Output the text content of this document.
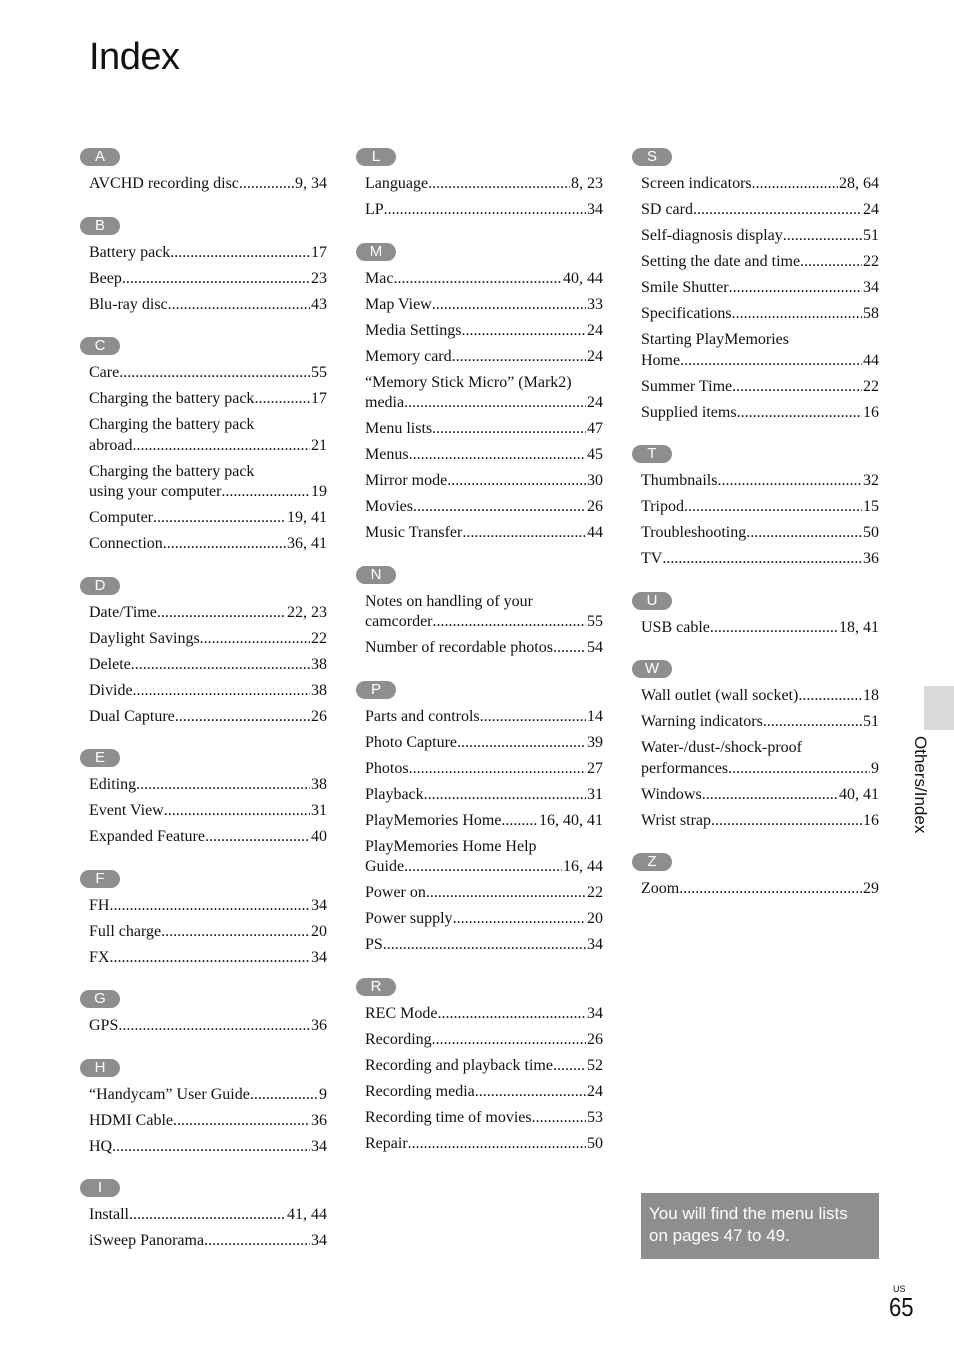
Index
A
AVCHD recording disc .....	9, 34
B
Battery pack .....	17
Beep .....	23
Blu-ray disc .....	43
C
Care .....	55
Charging the battery pack .....	17
Charging the battery pack
abroad .....	21
Charging the battery pack
using your computer .....	19
Computer .....	19, 41
Connection .....	36, 41
D
Date/Time .....	22, 23
Daylight Savings .....	22
Delete .....	38
Divide .....	38
Dual Capture .....	26
E
Editing .....	38
Event View .....	31
Expanded Feature .....	40
F
FH .....	34
Full charge .....	20
FX .....	34
G
GPS .....	36
H
“Handycam” User Guide .....	9
HDMI Cable .....	36
HQ .....	34
I
Install .....	41, 44
iSweep Panorama .....	34
L
Language .....	8, 23
LP .....	34
M
Mac .....	40, 44
Map View .....	33
Media Settings .....	24
Memory card .....	24
“Memory Stick Micro” (Mark2)
media .....	24
Menu lists .....	47
Menus .....	45
Mirror mode .....	30
Movies .....	26
Music Transfer .....	44
N
Notes on handling of your
camcorder .....	55
Number of recordable photos ..... 54
P
Parts and controls .....	14
Photo Capture .....	39
Photos .....	27
Playback .....	31
PlayMemories Home ..... 16, 40, 41
PlayMemories Home Help
Guide .....	16, 44
Power on .....	22
Power supply .....	20
PS .....	34
R
REC Mode .....	34
Recording .....	26
Recording and playback time ..... 52
Recording media .....	24
Recording time of movies .....	53
Repair .....	50
S
Screen indicators .....	28, 64
SD card .....	24
Self-diagnosis display .....	51
Setting the date and time .....	22
Smile Shutter .....	34
Specifications .....	58
Starting PlayMemories
Home .....	44
Summer Time .....	22
Supplied items .....	16
T
Thumbnails .....	32
Tripod .....	15
Troubleshooting .....	50
TV .....	36
U
USB cable .....	18, 41
W
Wall outlet (wall socket) .....	18
Warning indicators .....	51
Water-/dust-/shock-proof
performances .....	9
Windows .....	40, 41
Wrist strap .....	16
Z
Zoom .....	29
Others/Index
You will find the menu lists on pages 47 to 49.
US
65
